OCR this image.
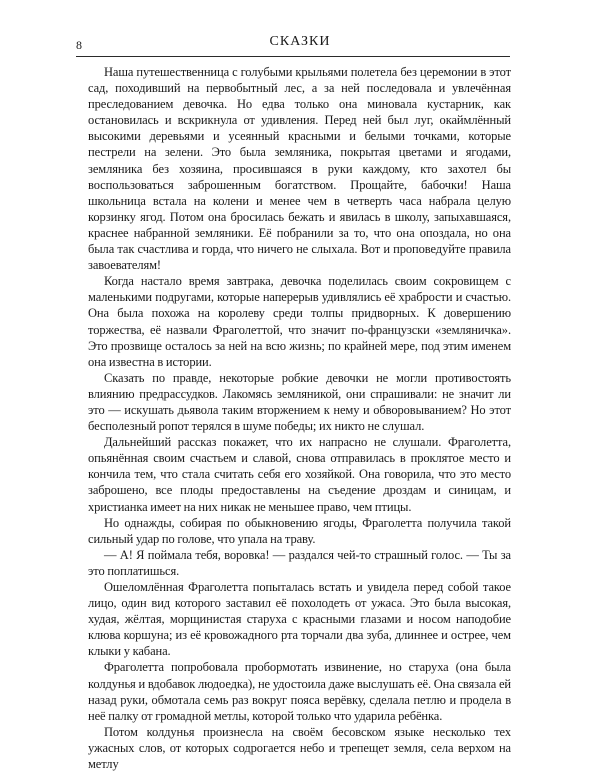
8	СКАЗКИ

Наша путешественница с голубыми крыльями полетела без церемонии в этот сад, походивший на первобытный лес, а за ней последовала и увлечённая преследованием девочка. Но едва только она миновала кустарник, как остановилась и вскрикнула от удивления. Перед ней был луг, окаймлённый высокими деревьями и усеянный красными и белыми точками, которые пестрели на зелени. Это была земляника, покрытая цветами и ягодами, земляника без хозяина, просившаяся в руки каждому, кто захотел бы воспользоваться заброшенным богатством. Прощайте, бабочки! Наша школьница встала на колени и менее чем в четверть часа набрала целую корзинку ягод. Потом она бросилась бежать и явилась в школу, запыхавшаяся, краснее набранной земляники. Её побранили за то, что она опоздала, но она была так счастлива и горда, что ничего не слыхала. Вот и проповедуйте правила завоевателям!

Когда настало время завтрака, девочка поделилась своим сокровищем с маленькими подругами, которые наперерыв удивлялись её храбрости и счастью. Она была похожа на королеву среди толпы придворных. К довершению торжества, её назвали Фраголеттой, что значит по-французски «земляничка». Это прозвище осталось за ней на всю жизнь; по крайней мере, под этим именем она известна в истории.

Сказать по правде, некоторые робкие девочки не могли противостоять влиянию предрассудков. Лакомясь земляникой, они спрашивали: не значит ли это — искушать дьявола таким вторжением к нему и обворовыванием? Но этот бесполезный ропот терялся в шуме победы; их никто не слушал.

Дальнейший рассказ покажет, что их напрасно не слушали. Фраголетта, опьянённая своим счастьем и славой, снова отправилась в проклятое место и кончила тем, что стала считать себя его хозяйкой. Она говорила, что это место заброшено, все плоды предоставлены на съедение дроздам и синицам, и христианка имеет на них никак не меньшее право, чем птицы.

Но однажды, собирая по обыкновению ягоды, Фраголетта получила такой сильный удар по голове, что упала на траву.

— А! Я поймала тебя, воровка! — раздался чей-то страшный голос. — Ты за это поплатишься.

Ошеломлённая Фраголетта попыталась встать и увидела перед собой такое лицо, один вид которого заставил её похолодеть от ужаса. Это была высокая, худая, жёлтая, морщинистая старуха с красными глазами и носом наподобие клюва коршуна; из её кровожадного рта торчали два зуба, длиннее и острее, чем клыки у кабана.

Фраголетта попробовала пробормотать извинение, но старуха (она была колдунья и вдобавок людоедка), не удостоила даже выслушать её. Она связала ей назад руки, обмотала семь раз вокруг пояса верёвку, сделала петлю и продела в неё палку от громадной метлы, которой только что ударила ребёнка.

Потом колдунья произнесла на своём бесовском языке несколько тех ужасных слов, от которых содрогается небо и трепещет земля, села верхом на метлу
